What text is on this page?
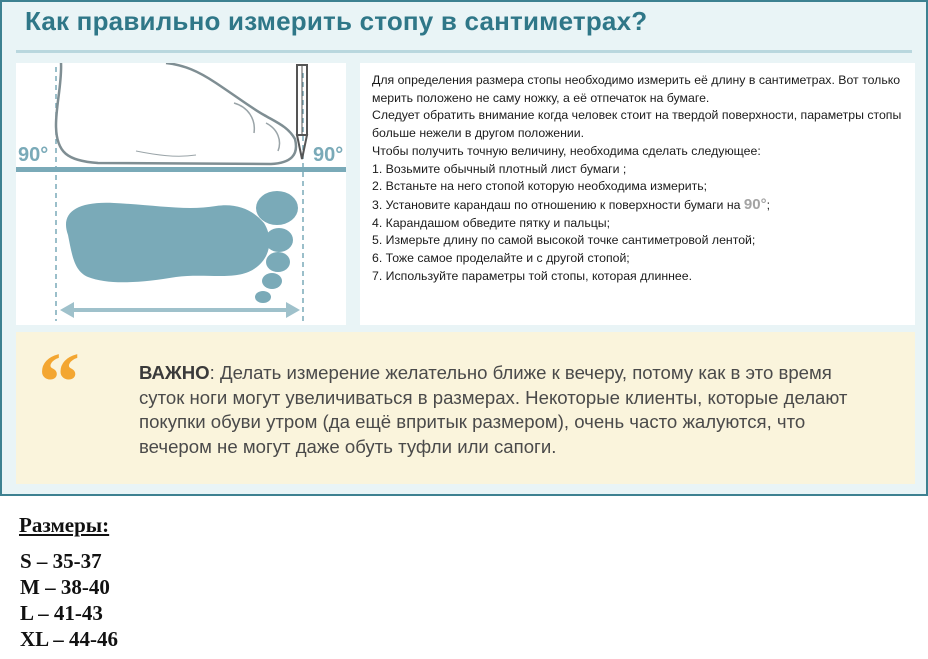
Как правильно измерить стопу в сантиметрах?
90°	90°

Для определения размера стопы необходимо измерить её длину в сантиметрах. Вот только мерить положено не саму ножку, а её отпечаток на бумаге.

Следует обратить внимание когда человек стоит на твердой поверхности, параметры стопы больше нежели в другом положении.

Чтобы получить точную величину, необходима сделать следующее:

1. Возьмите обычный плотный лист бумаги ;
2. Встаньте на него стопой которую необходима измерить;
3. Установите карандаш по отношению к поверхности бумаги на 90°;
4. Карандашом обведите пятку и пальцы;
5. Измерьте длину по самой высокой точке сантиметровой лентой;
6. Тоже самое проделайте и с другой стопой;
7. Используйте параметры той стопы, которая длиннее.
“	ВАЖНО: Делать измерение желательно ближе к вечеру, потому как в это время суток ноги могут увеличиваться в размерах. Некоторые клиенты, которые делают покупки обуви утром (да ещё впритык размером), очень часто жалуются, что вечером не могут даже обуть туфли или сапоги.
Размеры:
S – 35-37
M – 38-40
L – 41-43
XL – 44-46
